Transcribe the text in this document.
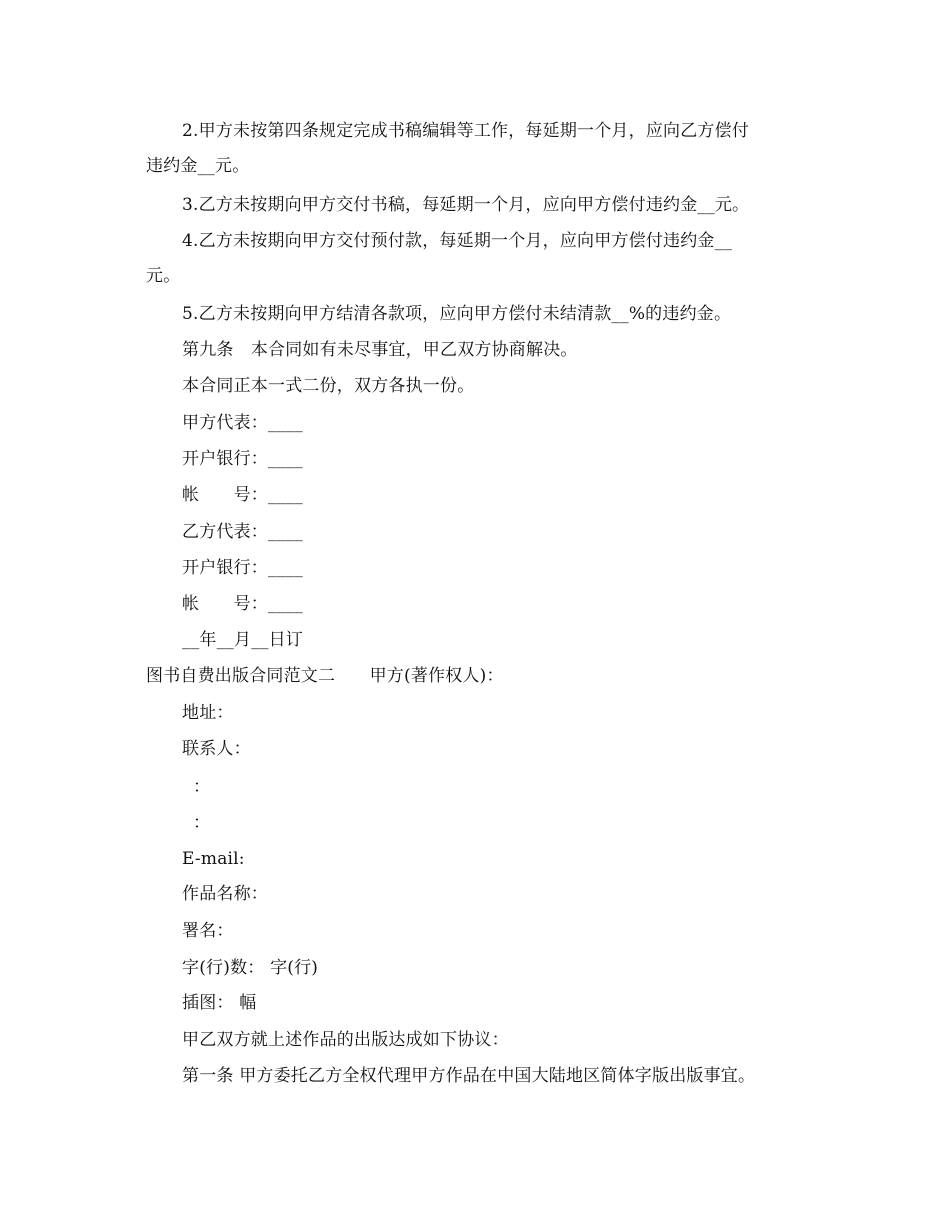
2.甲方未按第四条规定完成书稿编辑等工作，每延期一个月，应向乙方偿付
违约金__元。
3.乙方未按期向甲方交付书稿，每延期一个月，应向甲方偿付违约金__元。
4.乙方未按期向甲方交付预付款，每延期一个月，应向甲方偿付违约金__
元。
5.乙方未按期向甲方结清各款项，应向甲方偿付未结清款__%的违约金。
第九条　本合同如有未尽事宜，甲乙双方协商解决。
本合同正本一式二份，双方各执一份。
甲方代表：____
开户银行：____
帐　　号：____
乙方代表：____
开户银行：____
帐　　号：____
__年__月__日订
图书自费出版合同范文二　　甲方(著作权人)：
地址：
联系人：
：
：
E-mail:
作品名称：
署名：
字(行)数： 字(行)
插图： 幅
甲乙双方就上述作品的出版达成如下协议：
第一条 甲方委托乙方全权代理甲方作品在中国大陆地区简体字版出版事宜。
